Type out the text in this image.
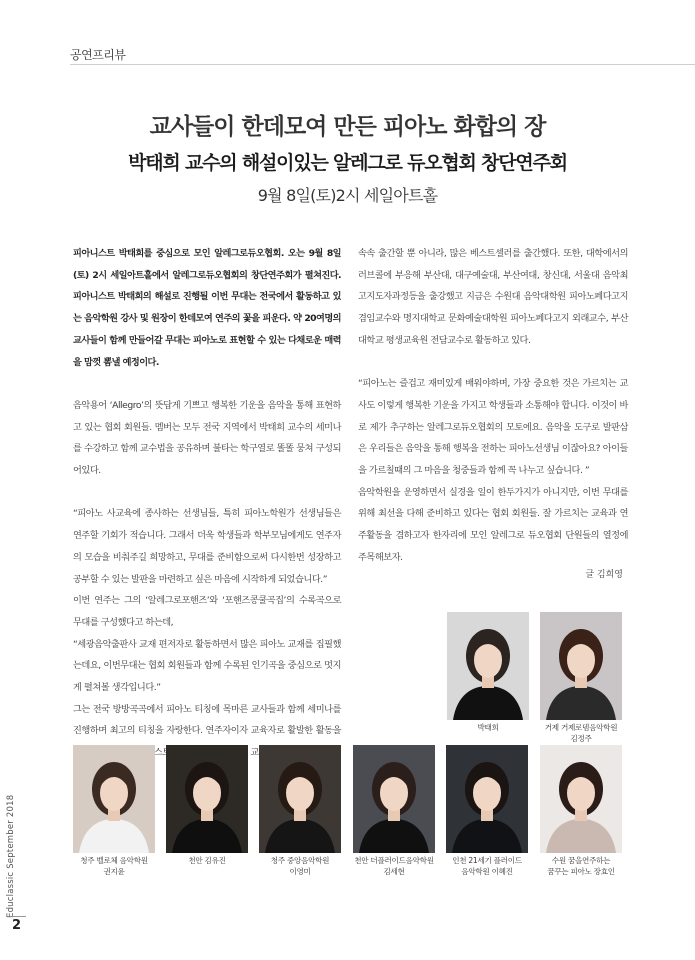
공연프리뷰
교사들이 한데모여 만든 피아노 화합의 장
박태희 교수의 해설이있는 알레그로 듀오협회 창단연주회
9월 8일(토)2시 세일아트홀

피아니스트 박태희를 중심으로 모인 알레그로듀오협회. 오는 9월 8일(토) 2시 세일아트홀에서 알레그로듀오협회의 창단연주회가 펼쳐진다. 피아니스트 박태희의 해설로 진행될 이번 무대는 전국에서 활동하고 있는 음악학원 강사 및 원장이 한데모여 연주의 꽃을 피운다. 약 20여명의 교사들이 함께 만들어갈 무대는 피아노로 표현할 수 있는 다채로운 매력을 맘껏 뽐낼 예정이다.

음악용어 ‘Allegro’의 뜻답게 기쁘고 행복한 기운을 음악을 통해 표현하고 있는 협회 회원들. 멤버는 모두 전국 지역에서 박태희 교수의 세미나를 수강하고 함께 교수법을 공유하며 불타는 학구열로 똘똘 뭉쳐 구성되어있다.

“피아노 사교육에 종사하는 선생님들, 특히 피아노학원가 선생님들은 연주할 기회가 적습니다. 그래서 더욱 학생들과 학부모님에게도 연주자의 모습을 비춰주길 희망하고, 무대를 준비함으로써 다시한번 성장하고 공부할 수 있는 발판을 마련하고 싶은 마음에 시작하게 되었습니다.”

이번 연주는 그의 ‘알레그로포핸즈’와 ‘포핸즈콩쿨곡집’의 수록곡으로 무대를 구성했다고 하는데,

“세광음악출판사 교재 편저자로 활동하면서 많은 피아노 교재를 집필했는데요, 이번무대는 협회 회원들과 함께 수록된 인기곡을 중심으로 멋지게 펼쳐볼 생각입니다.”

그는 전국 방방곡곡에서 피아노 티칭에 목마른 교사들과 함께 세미나를 진행하며 최고의 티칭을 자랑한다. 연주자이자 교육자로 활발한 활동을

속속 출간할 뿐 아니라, 많은 베스트셀러를 출간했다. 또한, 대학에서의 러브콜에 부응해 부산대, 대구예술대, 부산여대, 창신대, 서울대 음악최고지도자과정등을 출강했고 지금은 수원대 음악대학원 피아노페다고지겸임교수와 명지대학교 문화예술대학원 피아노페다고지 외래교수, 부산대학교 평생교육원 전담교수로 활동하고 있다.

“피아노는 즐겁고 재미있게 배워야하며, 가장 중요한 것은 가르치는 교사도 이렇게 행복한 기운을 가지고 학생들과 소통해야 합니다. 이것이 바로 제가 추구하는 알레그로듀오협회의 모토에요. 음악을 도구로 발판삼은 우리들은 음악을 통해 행복을 전하는 피아노선생님 이잖아요? 아이들을 가르칠때의 그 마음을 청중들과 함께 꼭 나누고 싶습니다. ”

음악학원을 운영하면서 실경을 일이 한두가지가 아니지만, 이번 무대를 위해 최선을 다해 준비하고 있다는 협회 회원들. 잘 가르치는 교육과 연주활동을 겸하고자 한자리에 모인 알레그로 듀오협회 단원들의 열정에 주목해보자.

글 김희영
박태희	거제 거제로뎀음악학원
김정주
청주 벨로체 음악학원
권지윤
천안 김유진	청주 중앙음악학원
이영미
천안 더플러이드음악학원
김세현
인천 21세기 플러이드
음악학원 이혜진
수원 꿈을연주하는
꿈꾸는 피아노 장효인
Educlassic September 2018
2
